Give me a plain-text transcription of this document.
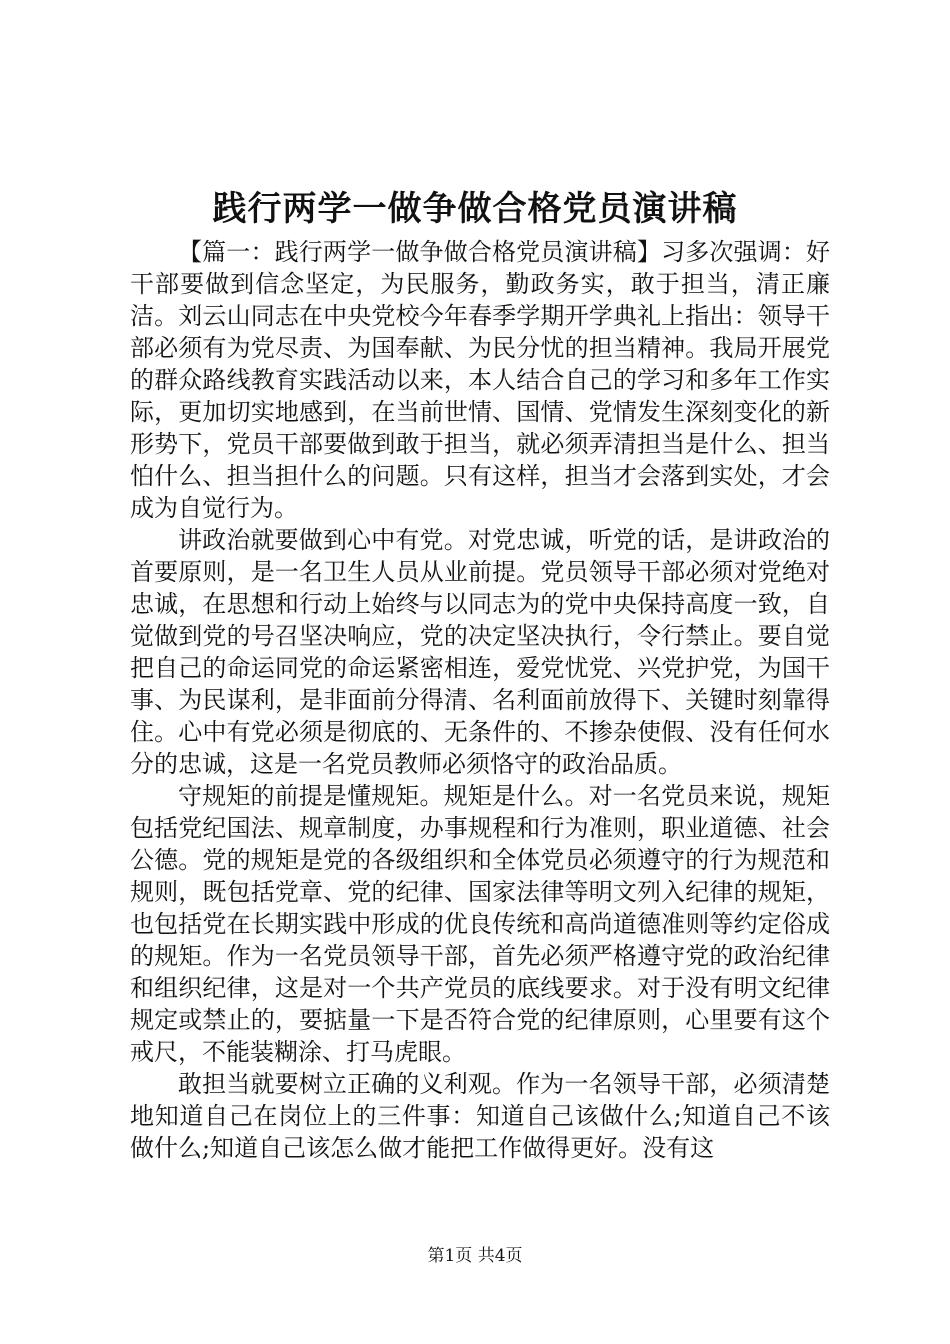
践行两学一做争做合格党员演讲稿

【篇一：践行两学一做争做合格党员演讲稿】习多次强调：好干部要做到信念坚定，为民服务，勤政务实，敢于担当，清正廉洁。刘云山同志在中央党校今年春季学期开学典礼上指出：领导干部必须有为党尽责、为国奉献、为民分忧的担当精神。我局开展党的群众路线教育实践活动以来，本人结合自己的学习和多年工作实际，更加切实地感到，在当前世情、国情、党情发生深刻变化的新形势下，党员干部要做到敢于担当，就必须弄清担当是什么、担当怕什么、担当担什么的问题。只有这样，担当才会落到实处，才会成为自觉行为。

讲政治就要做到心中有党。对党忠诚，听党的话，是讲政治的首要原则，是一名卫生人员从业前提。党员领导干部必须对党绝对忠诚，在思想和行动上始终与以同志为的党中央保持高度一致，自觉做到党的号召坚决响应，党的决定坚决执行，令行禁止。要自觉把自己的命运同党的命运紧密相连，爱党忧党、兴党护党，为国干事、为民谋利，是非面前分得清、名利面前放得下、关键时刻靠得住。心中有党必须是彻底的、无条件的、不掺杂使假、没有任何水分的忠诚，这是一名党员教师必须恪守的政治品质。

守规矩的前提是懂规矩。规矩是什么。对一名党员来说，规矩包括党纪国法、规章制度，办事规程和行为准则，职业道德、社会公德。党的规矩是党的各级组织和全体党员必须遵守的行为规范和规则，既包括党章、党的纪律、国家法律等明文列入纪律的规矩，也包括党在长期实践中形成的优良传统和高尚道德准则等约定俗成的规矩。作为一名党员领导干部，首先必须严格遵守党的政治纪律和组织纪律，这是对一个共产党员的底线要求。对于没有明文纪律规定或禁止的，要掂量一下是否符合党的纪律原则，心里要有这个戒尺，不能装糊涂、打马虎眼。

敢担当就要树立正确的义利观。作为一名领导干部，必须清楚地知道自己在岗位上的三件事：知道自己该做什么;知道自己不该做什么;知道自己该怎么做才能把工作做得更好。没有这

第1页 共4页
